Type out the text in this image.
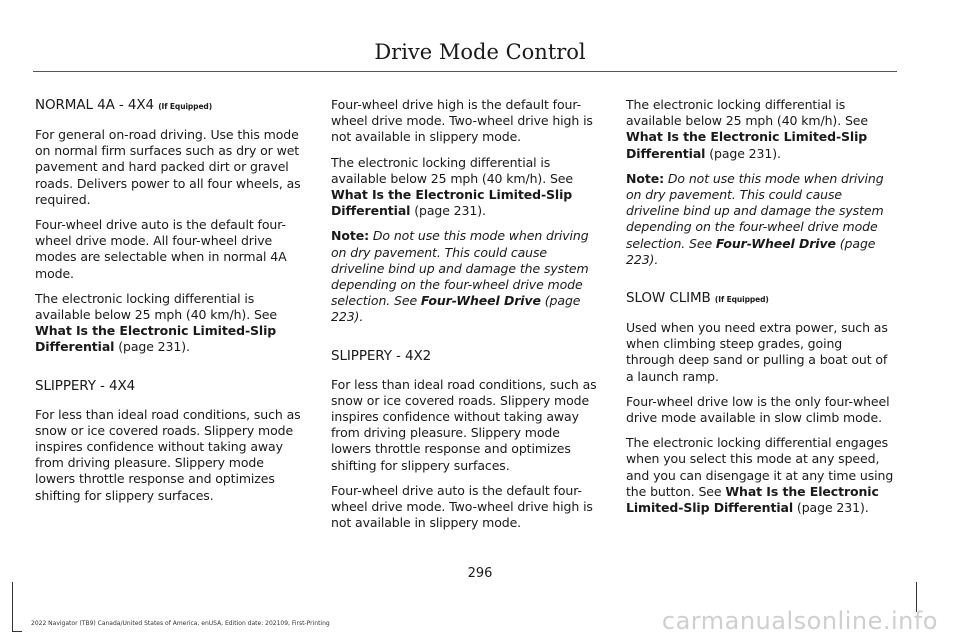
Drive Mode Control
NORMAL 4A - 4X4 (If Equipped)

For general on-road driving. Use this mode on normal firm surfaces such as dry or wet pavement and hard packed dirt or gravel roads. Delivers power to all four wheels, as required.

Four-wheel drive auto is the default four-wheel drive mode. All four-wheel drive modes are selectable when in normal 4A mode.

The electronic locking differential is available below 25 mph (40 km/h). See What Is the Electronic Limited-Slip Differential (page 231).

SLIPPERY - 4X4

For less than ideal road conditions, such as snow or ice covered roads. Slippery mode inspires confidence without taking away from driving pleasure. Slippery mode lowers throttle response and optimizes shifting for slippery surfaces.

Four-wheel drive high is the default four-wheel drive mode. Two-wheel drive high is not available in slippery mode.

The electronic locking differential is available below 25 mph (40 km/h). See What Is the Electronic Limited-Slip Differential (page 231).

Note: Do not use this mode when driving on dry pavement. This could cause driveline bind up and damage the system depending on the four-wheel drive mode selection. See Four-Wheel Drive (page 223).

SLIPPERY - 4X2

For less than ideal road conditions, such as snow or ice covered roads. Slippery mode inspires confidence without taking away from driving pleasure. Slippery mode lowers throttle response and optimizes shifting for slippery surfaces.

Four-wheel drive auto is the default four-wheel drive mode. Two-wheel drive high is not available in slippery mode.

The electronic locking differential is available below 25 mph (40 km/h). See What Is the Electronic Limited-Slip Differential (page 231).

Note: Do not use this mode when driving on dry pavement. This could cause driveline bind up and damage the system depending on the four-wheel drive mode selection. See Four-Wheel Drive (page 223).

SLOW CLIMB (If Equipped)

Used when you need extra power, such as when climbing steep grades, going through deep sand or pulling a boat out of a launch ramp.

Four-wheel drive low is the only four-wheel drive mode available in slow climb mode.

The electronic locking differential engages when you select this mode at any speed, and you can disengage it at any time using the button. See What Is the Electronic Limited-Slip Differential (page 231).

296
2022 Navigator (TB9) Canada/United States of America, enUSA, Edition date: 202109, First-Printing	carmanualsonline.info
